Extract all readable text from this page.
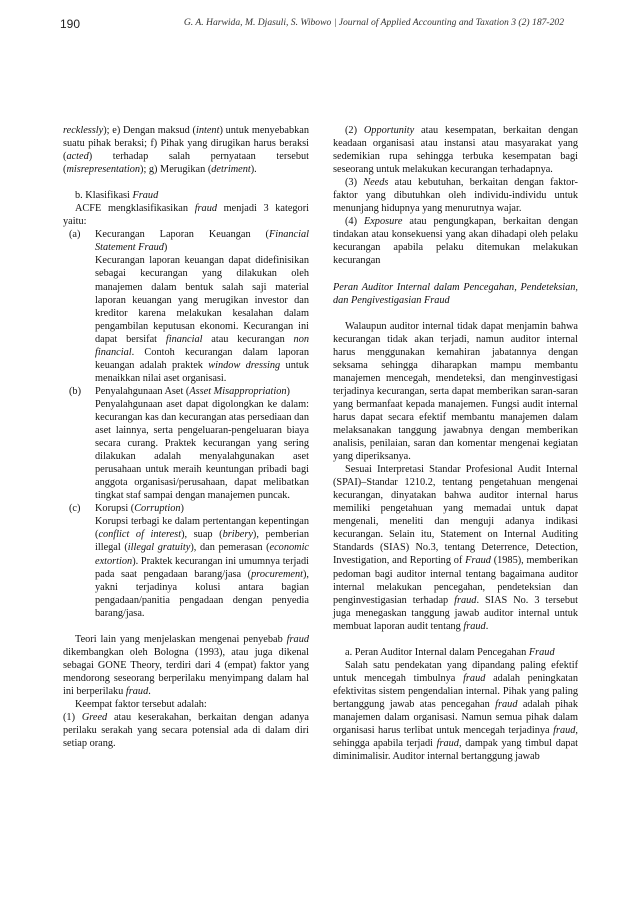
190	G. A. Harwida, M. Djasuli, S. Wibowo | Journal of Applied Accounting and Taxation 3 (2) 187-202

recklessly); e) Dengan maksud (intent) untuk menyebabkan suatu pihak beraksi; f) Pihak yang dirugikan harus beraksi (acted) terhadap salah pernyataan tersebut (misrepresentation); g) Merugikan (detriment).

b. Klasifikasi Fraud

ACFE mengklasifikasikan fraud menjadi 3 kategori yaitu:

(a)	Kecurangan Laporan Keuangan (Financial Statement Fraud)
Kecurangan laporan keuangan dapat didefinisikan sebagai kecurangan yang dilakukan oleh manajemen dalam bentuk salah saji material laporan keuangan yang merugikan investor dan kreditor karena melakukan kesalahan dalam pengambilan keputusan ekonomi. Kecurangan ini dapat bersifat financial atau kecurangan non financial. Contoh kecurangan dalam laporan keuangan adalah praktek window dressing untuk menaikkan nilai aset organisasi.
(b)	Penyalahgunaan Aset (Asset Misappropriation)
Penyalahgunaan aset dapat digolongkan ke dalam: kecurangan kas dan kecurangan atas persediaan dan aset lainnya, serta pengeluaran-pengeluaran biaya secara curang. Praktek kecurangan yang sering dilakukan adalah menyalahgunakan aset perusahaan untuk meraih keuntungan pribadi bagi anggota organisasi/perusahaan, dapat melibatkan tingkat staf sampai dengan manajemen puncak.
(c)	Korupsi (Corruption)
Korupsi terbagi ke dalam pertentangan kepentingan (conflict of interest), suap (bribery), pemberian illegal (illegal gratuity), dan pemerasan (economic extortion). Praktek kecurangan ini umumnya terjadi pada saat pengadaan barang/jasa (procurement), yakni terjadinya kolusi antara bagian pengadaan/panitia pengadaan dengan penyedia barang/jasa.

Teori lain yang menjelaskan mengenai penyebab fraud dikembangkan oleh Bologna (1993), atau juga dikenal sebagai GONE Theory, terdiri dari 4 (empat) faktor yang mendorong seseorang berperilaku menyimpang dalam hal ini berperilaku fraud.

Keempat faktor tersebut adalah:

(1) Greed atau keserakahan, berkaitan dengan adanya perilaku serakah yang secara potensial ada di dalam diri setiap orang.

(2) Opportunity atau kesempatan, berkaitan dengan keadaan organisasi atau instansi atau masyarakat yang sedemikian rupa sehingga terbuka kesempatan bagi seseorang untuk melakukan kecurangan terhadapnya.

(3) Needs atau kebutuhan, berkaitan dengan faktor-faktor yang dibutuhkan oleh individu-individu untuk menunjang hidupnya yang menurutnya wajar.

(4) Exposure atau pengungkapan, berkaitan dengan tindakan atau konsekuensi yang akan dihadapi oleh pelaku kecurangan apabila pelaku ditemukan melakukan kecurangan

Peran Auditor Internal dalam Pencegahan, Pendeteksian, dan Pengivestigasian Fraud

Walaupun auditor internal tidak dapat menjamin bahwa kecurangan tidak akan terjadi, namun auditor internal harus menggunakan kemahiran jabatannya dengan seksama sehingga diharapkan mampu membantu manajemen mencegah, mendeteksi, dan menginvestigasi terjadinya kecurangan, serta dapat memberikan saran-saran yang bermanfaat kepada manajemen. Fungsi audit internal harus dapat secara efektif membantu manajemen dalam melaksanakan tanggung jawabnya dengan memberikan analisis, penilaian, saran dan komentar mengenai kegiatan yang diperiksanya.

Sesuai Interpretasi Standar Profesional Audit Internal (SPAI)–Standar 1210.2, tentang pengetahuan mengenai kecurangan, dinyatakan bahwa auditor internal harus memiliki pengetahuan yang memadai untuk dapat mengenali, meneliti dan menguji adanya indikasi kecurangan. Selain itu, Statement on Internal Auditing Standards (SIAS) No.3, tentang Deterrence, Detection, Investigation, and Reporting of Fraud (1985), memberikan pedoman bagi auditor internal tentang bagaimana auditor internal melakukan pencegahan, pendeteksian dan penginvestigasian terhadap fraud. SIAS No. 3 tersebut juga menegaskan tanggung jawab auditor internal untuk membuat laporan audit tentang fraud.

a. Peran Auditor Internal dalam Pencegahan Fraud

Salah satu pendekatan yang dipandang paling efektif untuk mencegah timbulnya fraud adalah peningkatan efektivitas sistem pengendalian internal. Pihak yang paling bertanggung jawab atas pencegahan fraud adalah pihak manajemen dalam organisasi. Namun semua pihak dalam organisasi harus terlibat untuk mencegah terjadinya fraud, sehingga apabila terjadi fraud, dampak yang timbul dapat diminimalisir. Auditor internal bertanggung jawab
